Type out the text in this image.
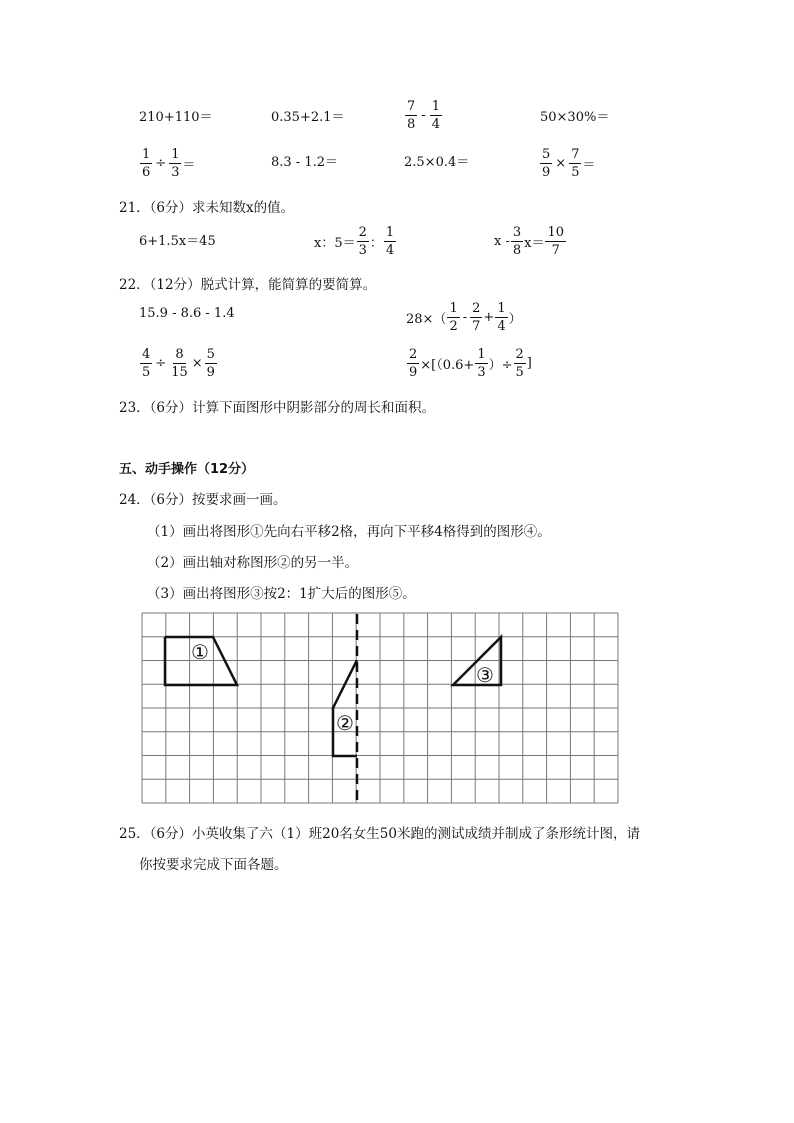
210+110＝	0.35+2.1＝	$\frac{7}{8} - \frac{1}{4}$	50×30%＝
$\frac{1}{6} \div \frac{1}{3}$ ＝	8.3 - 1.2＝	2.5×0.4＝	$\frac{5}{9} \times \frac{7}{5}$ ＝
21．（6分）求未知数x的值。
6+1.5x＝45	x：$5= \frac{2}{3}$ ： $\frac{1}{4}$	$x - \frac{3}{8} x= \frac{10}{7}$
22．（12分）脱式计算，能简算的要简算。
15.9 - 8.6 - 1.4	$28\times( \frac{1}{2} - \frac{2}{7} + \frac{1}{4}$ ）
$\frac{4}{5} \div \frac{8}{15} \times \frac{5}{9}$	$\frac{2}{9} \times[(0.6+ \frac{1}{3}$ ）÷ $\frac{2}{5}$ ]
23．（6分）计算下面图形中阴影部分的周长和面积。
五、动手操作（12分）
24．（6分）按要求画一画。
（1）画出将图形①先向右平移2格，再向下平移4格得到的图形④。
（2）画出轴对称图形②的另一半。
（3）画出将图形③按2：1扩大后的图形⑤。
①
②
③
25．（6分）小英收集了六（1）班20名女生50米跑的测试成绩并制成了条形统计图，请
你按要求完成下面各题。
